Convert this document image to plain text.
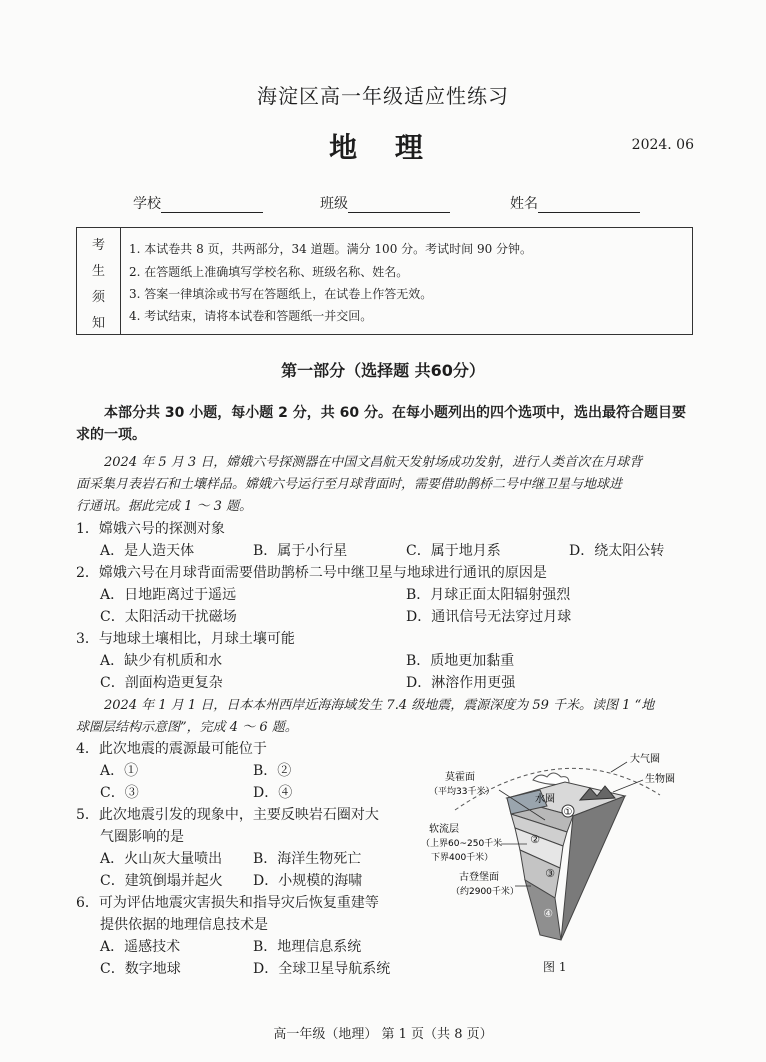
海淀区高一年级适应性练习
地 理	2024. 06
学校	班级	姓名
考
生
须
知
1. 本试卷共 8 页，共两部分，34 道题。满分 100 分。考试时间 90 分钟。
2. 在答题纸上准确填写学校名称、班级名称、姓名。
3. 答案一律填涂或书写在答题纸上，在试卷上作答无效。
4. 考试结束，请将本试卷和答题纸一并交回。
第一部分（选择题 共60分）
本部分共 30 小题，每小题 2 分，共 60 分。在每小题列出的四个选项中，选出最符合题目要求的一项。
2024 年 5 月 3 日，嫦娥六号探测器在中国文昌航天发射场成功发射，进行人类首次在月球背
面采集月表岩石和土壤样品。嫦娥六号运行至月球背面时，需要借助鹊桥二号中继卫星与地球进
行通讯。据此完成 1 ～ 3 题。
1．嫦娥六号的探测对象
A．是人造天体	B．属于小行星	C．属于地月系	D．绕太阳公转
2．嫦娥六号在月球背面需要借助鹊桥二号中继卫星与地球进行通讯的原因是
A．日地距离过于遥远	B．月球正面太阳辐射强烈
C．太阳活动干扰磁场	D．通讯信号无法穿过月球
3．与地球土壤相比，月球土壤可能
A．缺少有机质和水	B．质地更加黏重
C．剖面构造更复杂	D．淋溶作用更强
2024 年 1 月 1 日，日本本州西岸近海海域发生 7.4 级地震，震源深度为 59 千米。读图 1 “地
球圈层结构示意图”，完成 4 ～ 6 题。
4．此次地震的震源最可能位于
A．①	B．②
C．③	D．④
5．此次地震引发的现象中，主要反映岩石圈对大
气圈影响的是
A．火山灰大量喷出 B．海洋生物死亡
C．建筑倒塌并起火 D．小规模的海啸
6．可为评估地震灾害损失和指导灾后恢复重建等
提供依据的地理信息技术是
A．遥感技术	B．地理信息系统
C．数字地球	D．全球卫星导航系统
①
②
③
④
大气圈
生物圈
莫霍面
（平均33千米）
水圈
软流层
（上界60~250千米
下界400千米）
古登堡面
（约2900千米）
图 1
高一年级（地理） 第 1 页（共 8 页）
